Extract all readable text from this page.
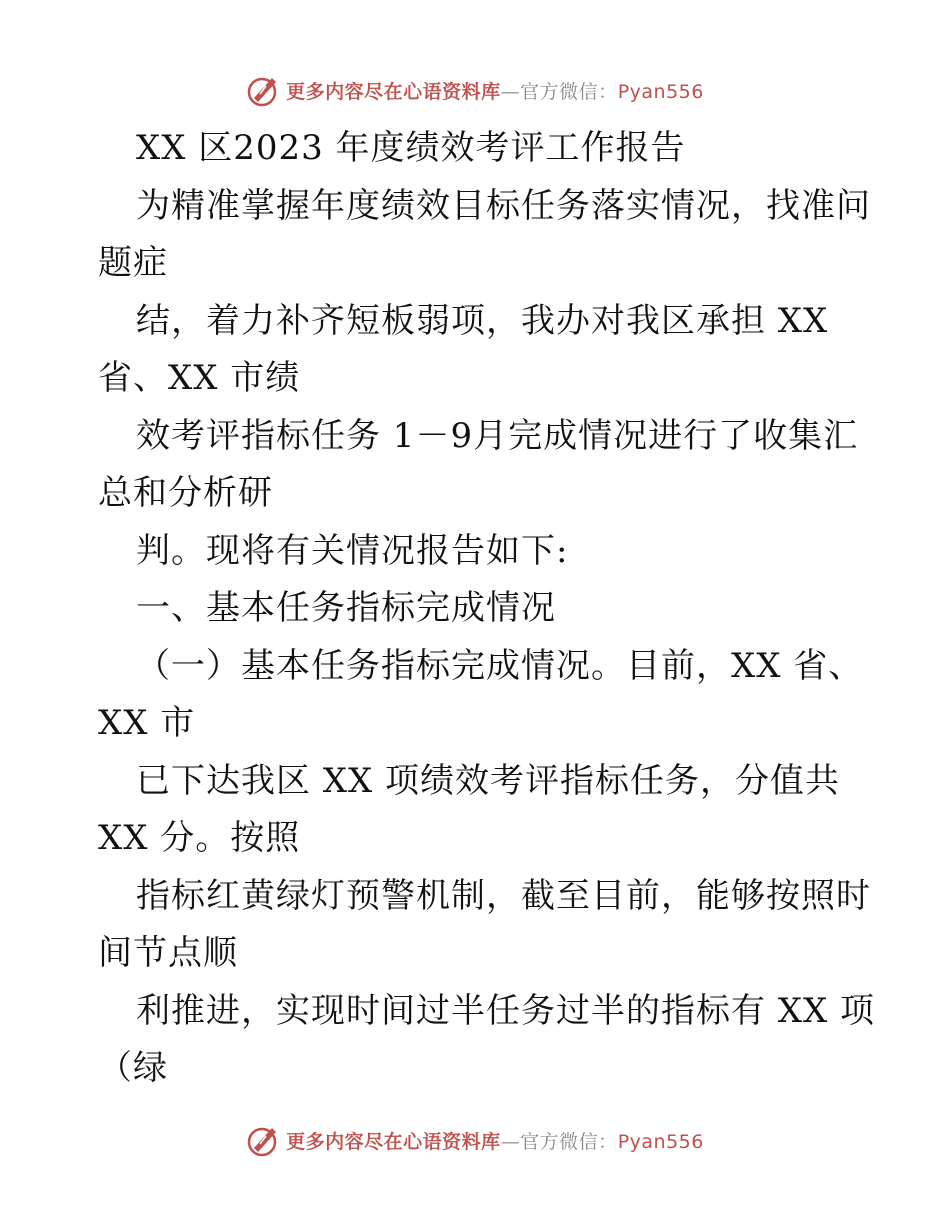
更多内容尽在心语资料库—官方微信：Pyan556
XX 区2023 年度绩效考评工作报告
为精准掌握年度绩效目标任务落实情况，找准问
题症
结，着力补齐短板弱项，我办对我区承担 XX
省、XX 市绩
效考评指标任务 1－9月完成情况进行了收集汇
总和分析研
判。现将有关情况报告如下:
一、基本任务指标完成情况
（一）基本任务指标完成情况。目前，XX 省、
XX 市
已下达我区 XX 项绩效考评指标任务，分值共
XX 分。按照
指标红黄绿灯预警机制，截至目前，能够按照时
间节点顺
利推进，实现时间过半任务过半的指标有 XX 项
（绿
更多内容尽在心语资料库—官方微信：Pyan556
